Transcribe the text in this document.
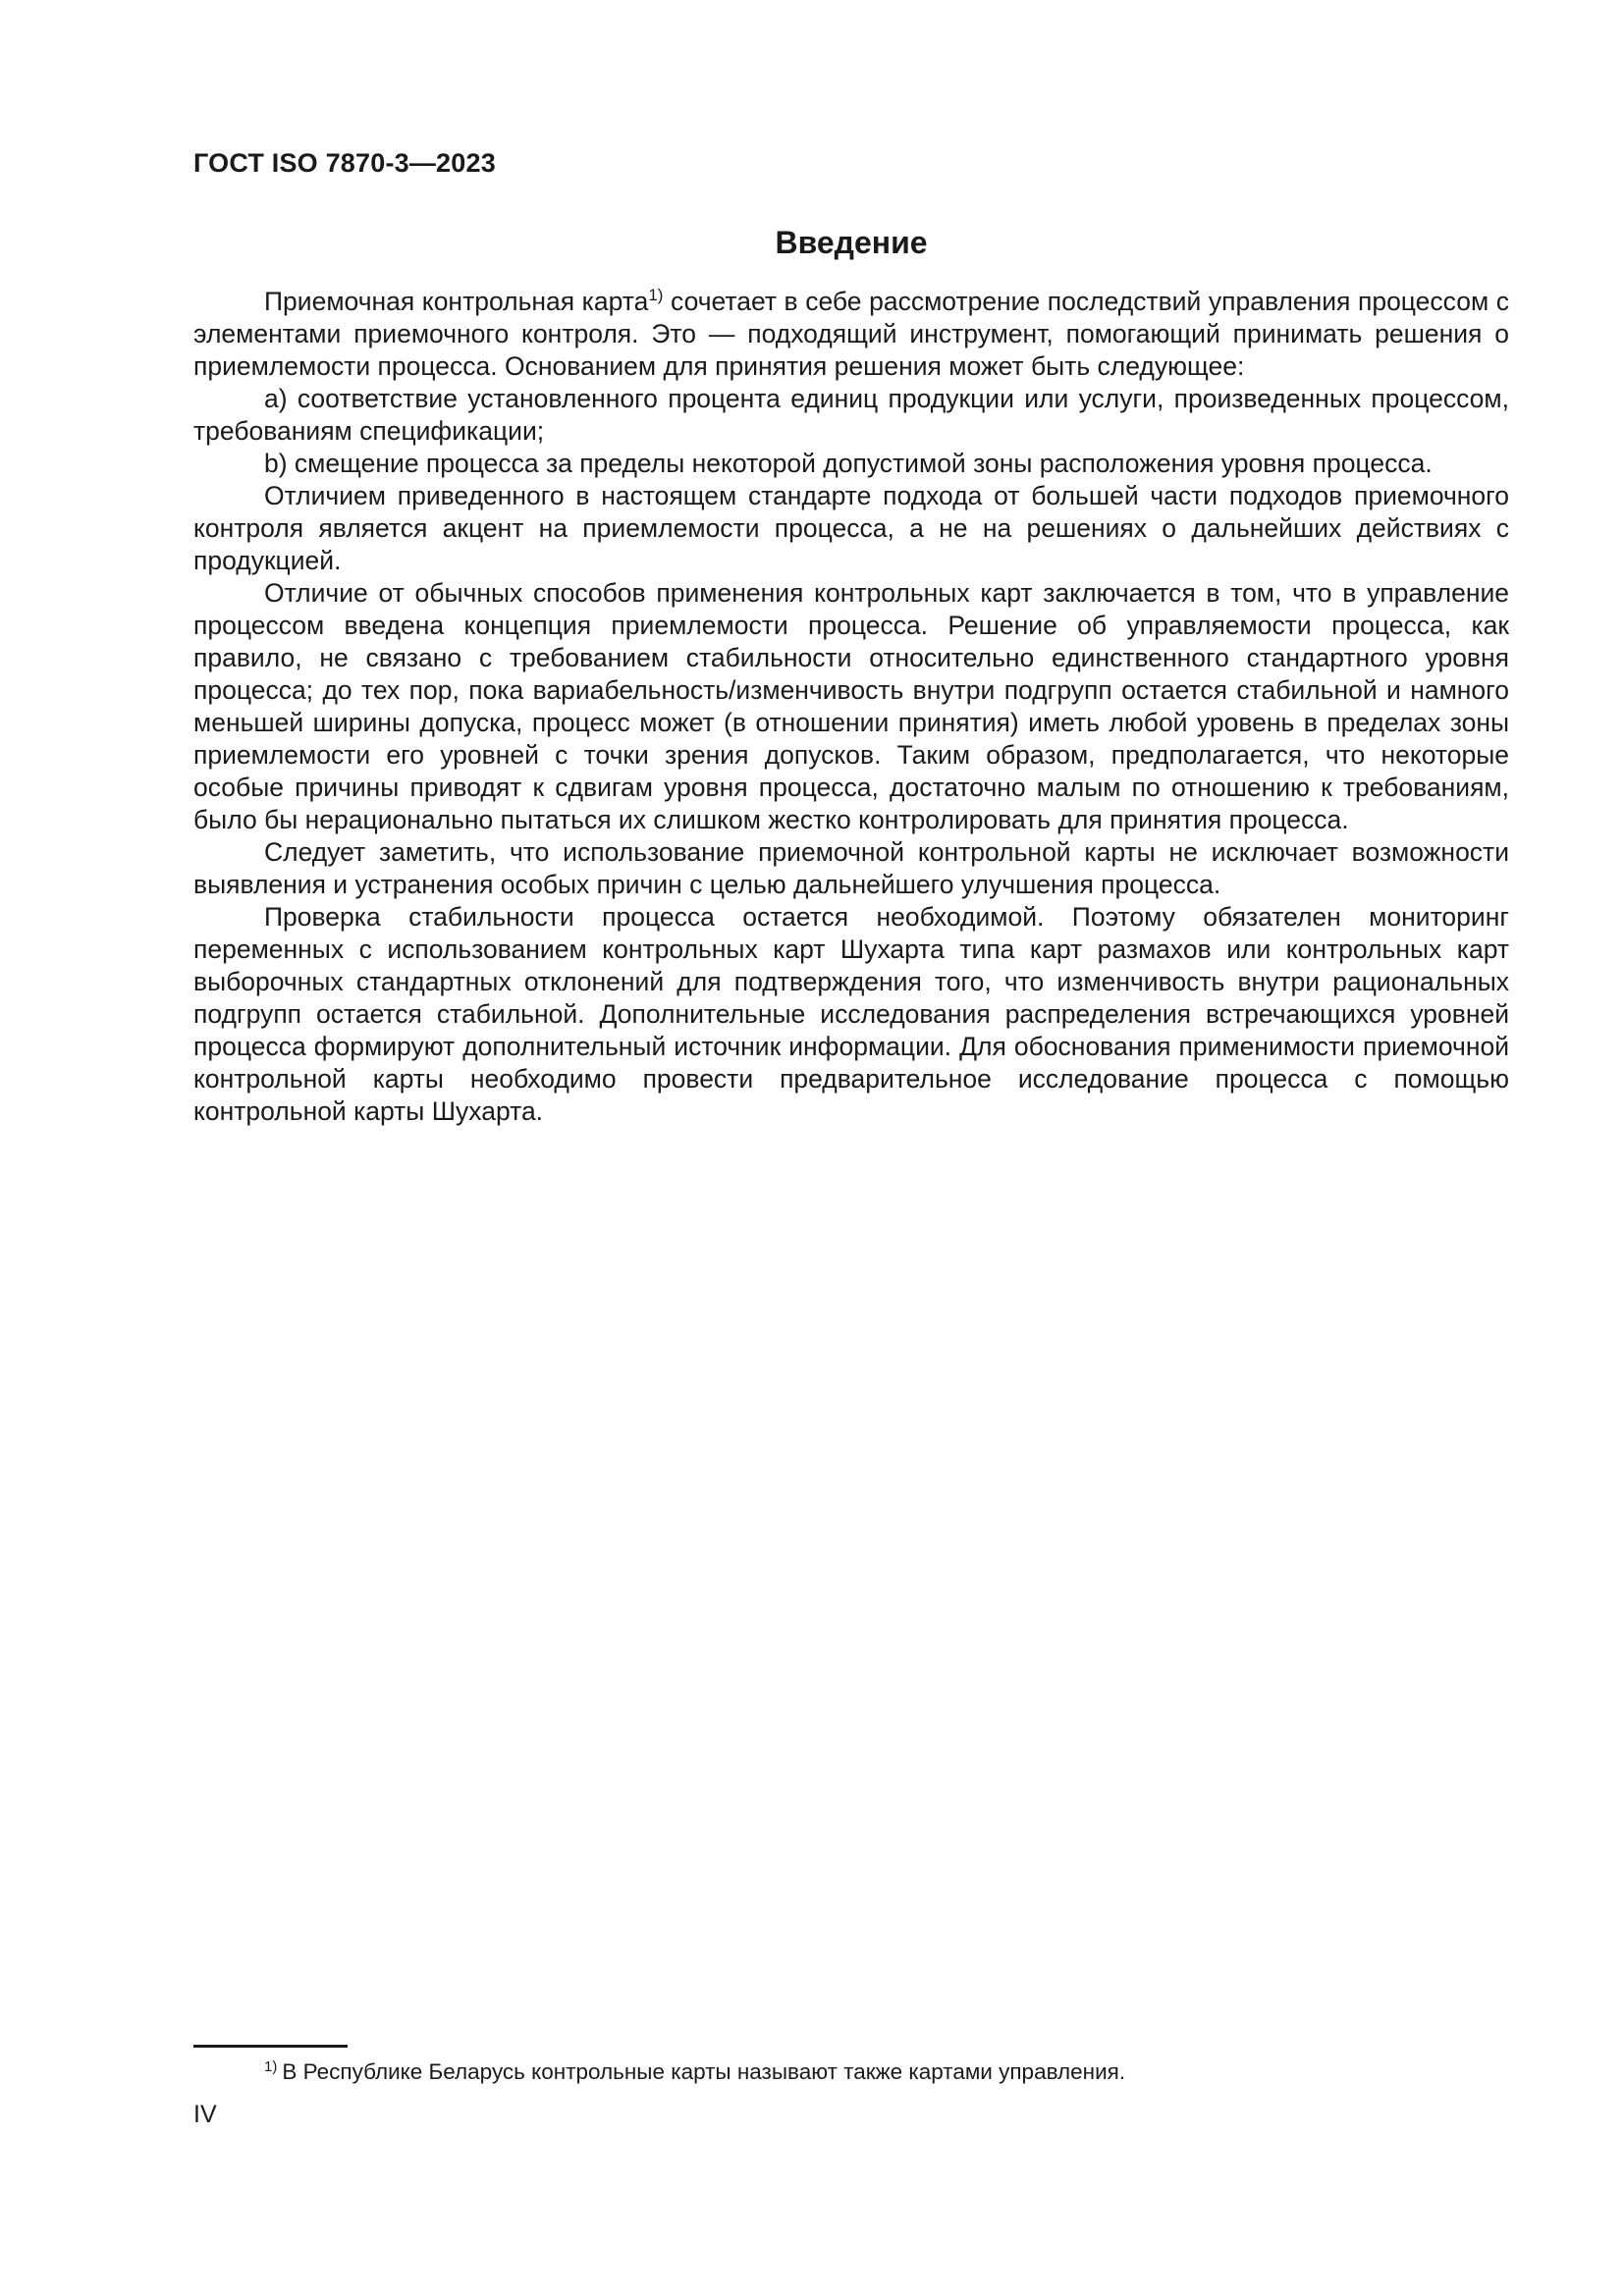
ГОСТ ISO 7870-3—2023
Введение

Приемочная контрольная карта$^{1)}$ сочетает в себе рассмотрение последствий управления процессом с элементами приемочного контроля. Это — подходящий инструмент, помогающий принимать решения о приемлемости процесса. Основанием для принятия решения может быть следующее:

a) соответствие установленного процента единиц продукции или услуги, произведенных процессом, требованиям спецификации;

b) смещение процесса за пределы некоторой допустимой зоны расположения уровня процесса.

Отличием приведенного в настоящем стандарте подхода от большей части подходов приемочного контроля является акцент на приемлемости процесса, а не на решениях о дальнейших действиях с продукцией.

Отличие от обычных способов применения контрольных карт заключается в том, что в управление процессом введена концепция приемлемости процесса. Решение об управляемости процесса, как правило, не связано с требованием стабильности относительно единственного стандартного уровня процесса; до тех пор, пока вариабельность/изменчивость внутри подгрупп остается стабильной и намного меньшей ширины допуска, процесс может (в отношении принятия) иметь любой уровень в пределах зоны приемлемости его уровней с точки зрения допусков. Таким образом, предполагается, что некоторые особые причины приводят к сдвигам уровня процесса, достаточно малым по отношению к требованиям, было бы нерационально пытаться их слишком жестко контролировать для принятия процесса.

Следует заметить, что использование приемочной контрольной карты не исключает возможности выявления и устранения особых причин с целью дальнейшего улучшения процесса.

Проверка стабильности процесса остается необходимой. Поэтому обязателен мониторинг переменных с использованием контрольных карт Шухарта типа карт размахов или контрольных карт выборочных стандартных отклонений для подтверждения того, что изменчивость внутри рациональных подгрупп остается стабильной. Дополнительные исследования распределения встречающихся уровней процесса формируют дополнительный источник информации. Для обоснования применимости приемочной контрольной карты необходимо провести предварительное исследование процесса с помощью контрольной карты Шухарта.

$^{1)}$ В Республике Беларусь контрольные карты называют также картами управления.
IV
